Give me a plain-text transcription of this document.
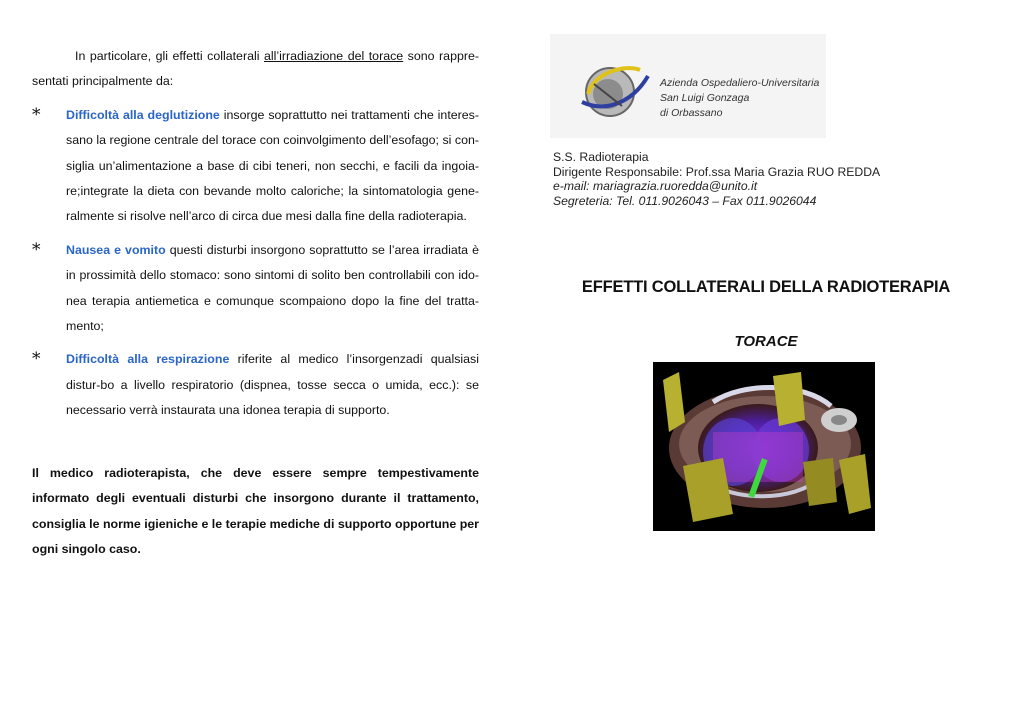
In particolare, gli effetti collaterali all’irradiazione del torace sono rappre-sentati principalmente da:

* Difficoltà alla deglutizione insorge soprattutto nei trattamenti che interes-sano la regione centrale del torace con coinvolgimento dell’esofago; si con-siglia un’alimentazione a base di cibi teneri, non secchi, e facili da ingoia-re;integrate la dieta con bevande molto caloriche; la sintomatologia gene-ralmente si risolve nell’arco di circa due mesi dalla fine della radioterapia.

* Nausea e vomito questi disturbi insorgono soprattutto se l’area irradiata è in prossimità dello stomaco: sono sintomi di solito ben controllabili con ido-nea terapia antiemetica e comunque scompaiono dopo la fine del tratta-mento;

* Difficoltà alla respirazione riferite al medico l’insorgenzadi qualsiasi distur-bo a livello respiratorio (dispnea, tosse secca o umida, ecc.): se necessario verrà instaurata una idonea terapia di supporto.

Il medico radioterapista, che deve essere sempre tempestivamente informato degli eventuali disturbi che insorgono durante il trattamento, consiglia le norme igieniche e le terapie mediche di supporto opportune per ogni singolo caso.

Azienda Ospedaliero-Universitaria
San Luigi Gonzaga
di Orbassano
S.S. Radioterapia
Dirigente Responsabile: Prof.ssa Maria Grazia RUO REDDA
e-mail: mariagrazia.ruoredda@unito.it
Segreteria: Tel. 011.9026043 – Fax 011.9026044
EFFETTI COLLATERALI DELLA RADIOTERAPIA
TORACE
